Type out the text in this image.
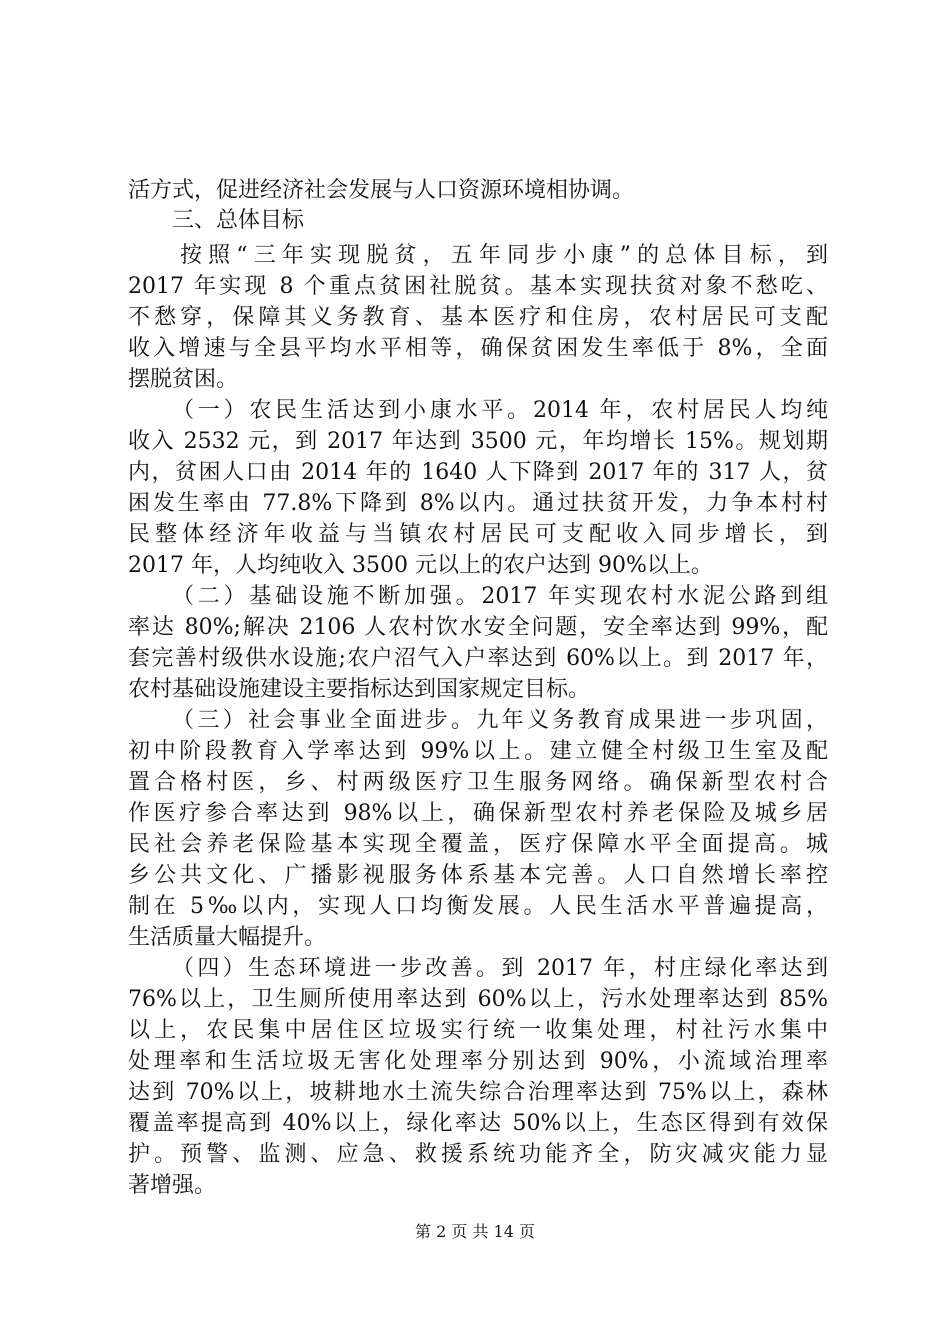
活方式，促进经济社会发展与人口资源环境相协调。
三、总体目标
按照“三年实现脱贫，五年同步小康”的总体目标，到
2017 年实现 8 个重点贫困社脱贫。基本实现扶贫对象不愁吃、
不愁穿，保障其义务教育、基本医疗和住房，农村居民可支配
收入增速与全县平均水平相等，确保贫困发生率低于 8%，全面
摆脱贫困。
（一）农民生活达到小康水平。2014 年，农村居民人均纯
收入 2532 元，到 2017 年达到 3500 元，年均增长 15%。规划期
内，贫困人口由 2014 年的 1640 人下降到 2017 年的 317 人，贫
困发生率由 77.8%下降到 8%以内。通过扶贫开发，力争本村村
民整体经济年收益与当镇农村居民可支配收入同步增长，到
2017 年，人均纯收入 3500 元以上的农户达到 90%以上。
（二）基础设施不断加强。2017 年实现农村水泥公路到组
率达 80%;解决 2106 人农村饮水安全问题，安全率达到 99%，配
套完善村级供水设施;农户沼气入户率达到 60%以上。到 2017 年，
农村基础设施建设主要指标达到国家规定目标。
（三）社会事业全面进步。九年义务教育成果进一步巩固，
初中阶段教育入学率达到 99%以上。建立健全村级卫生室及配
置合格村医，乡、村两级医疗卫生服务网络。确保新型农村合
作医疗参合率达到 98%以上，确保新型农村养老保险及城乡居
民社会养老保险基本实现全覆盖，医疗保障水平全面提高。城
乡公共文化、广播影视服务体系基本完善。人口自然增长率控
制在 5‰以内，实现人口均衡发展。人民生活水平普遍提高，
生活质量大幅提升。
（四）生态环境进一步改善。到 2017 年，村庄绿化率达到
76%以上，卫生厕所使用率达到 60%以上，污水处理率达到 85%
以上，农民集中居住区垃圾实行统一收集处理，村社污水集中
处理率和生活垃圾无害化处理率分别达到 90%，小流域治理率
达到 70%以上，坡耕地水土流失综合治理率达到 75%以上，森林
覆盖率提高到 40%以上，绿化率达 50%以上，生态区得到有效保
护。预警、监测、应急、救援系统功能齐全，防灾减灾能力显
著增强。
第 2 页 共 14 页
